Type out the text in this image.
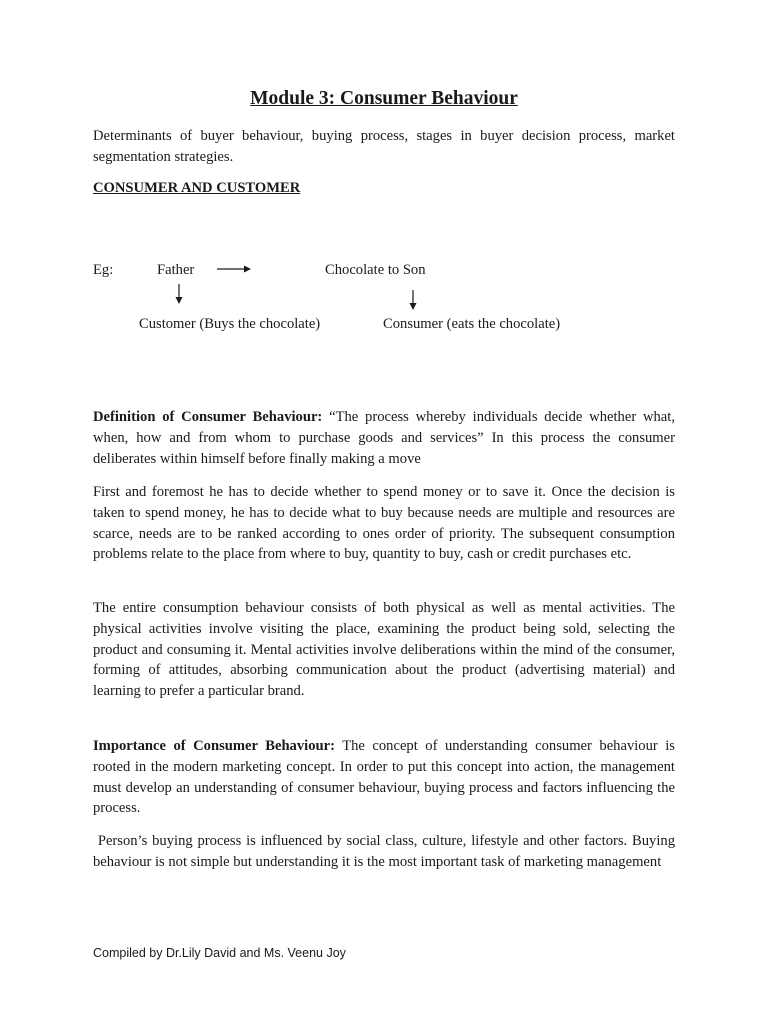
Module 3: Consumer Behaviour

Determinants of buyer behaviour, buying process, stages in buyer decision process, market segmentation strategies.

CONSUMER AND CUSTOMER

Eg:	Father	Chocolate to Son
Customer (Buys the chocolate)	Consumer (eats the chocolate)

Definition of Consumer Behaviour: “The process whereby individuals decide whether what, when, how and from whom to purchase goods and services” In this process the consumer deliberates within himself before finally making a move

First and foremost he has to decide whether to spend money or to save it. Once the decision is taken to spend money, he has to decide what to buy because needs are multiple and resources are scarce, needs are to be ranked according to ones order of priority. The subsequent consumption problems relate to the place from where to buy, quantity to buy, cash or credit purchases etc.

The entire consumption behaviour consists of both physical as well as mental activities. The physical activities involve visiting the place, examining the product being sold, selecting the product and consuming it. Mental activities involve deliberations within the mind of the consumer, forming of attitudes, absorbing communication about the product (advertising material) and learning to prefer a particular brand.

Importance of Consumer Behaviour: The concept of understanding consumer behaviour is rooted in the modern marketing concept. In order to put this concept into action, the management must develop an understanding of consumer behaviour, buying process and factors influencing the process.

Person’s buying process is influenced by social class, culture, lifestyle and other factors. Buying behaviour is not simple but understanding it is the most important task of marketing management

Compiled by Dr.Lily David and Ms. Veenu Joy
